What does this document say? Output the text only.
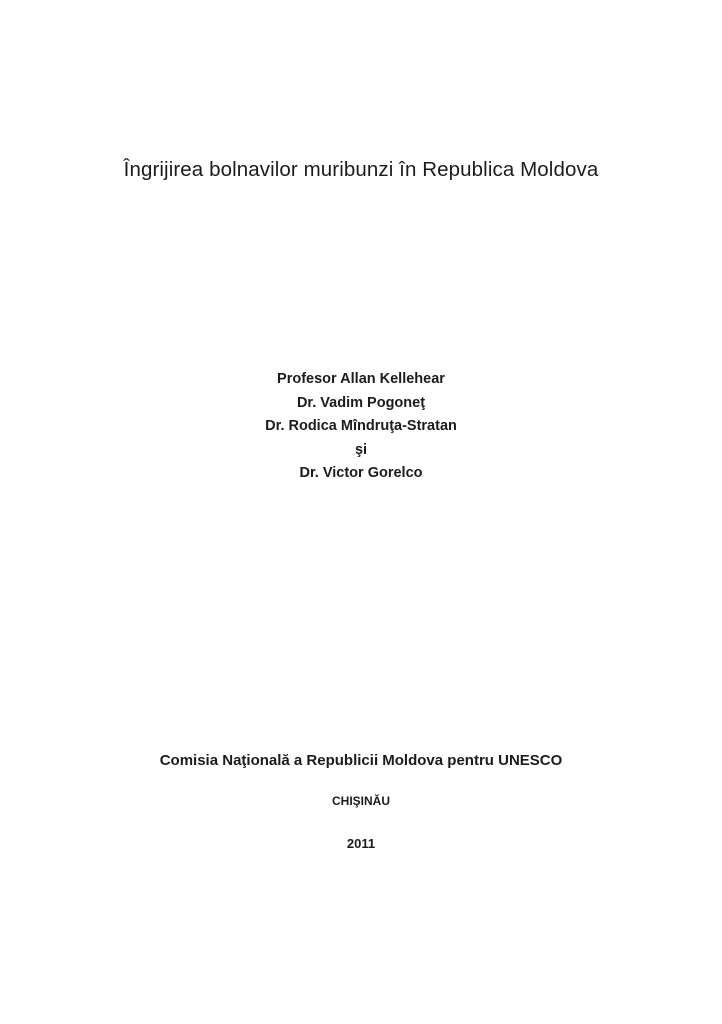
Îngrijirea bolnavilor muribunzi în Republica Moldova
Profesor Allan Kellehear
Dr. Vadim Pogoneţ
Dr. Rodica Mîndruţa-Stratan
şi
Dr. Victor Gorelco
Comisia Naţională a Republicii Moldova pentru UNESCO
CHIŞINĂU
2011
